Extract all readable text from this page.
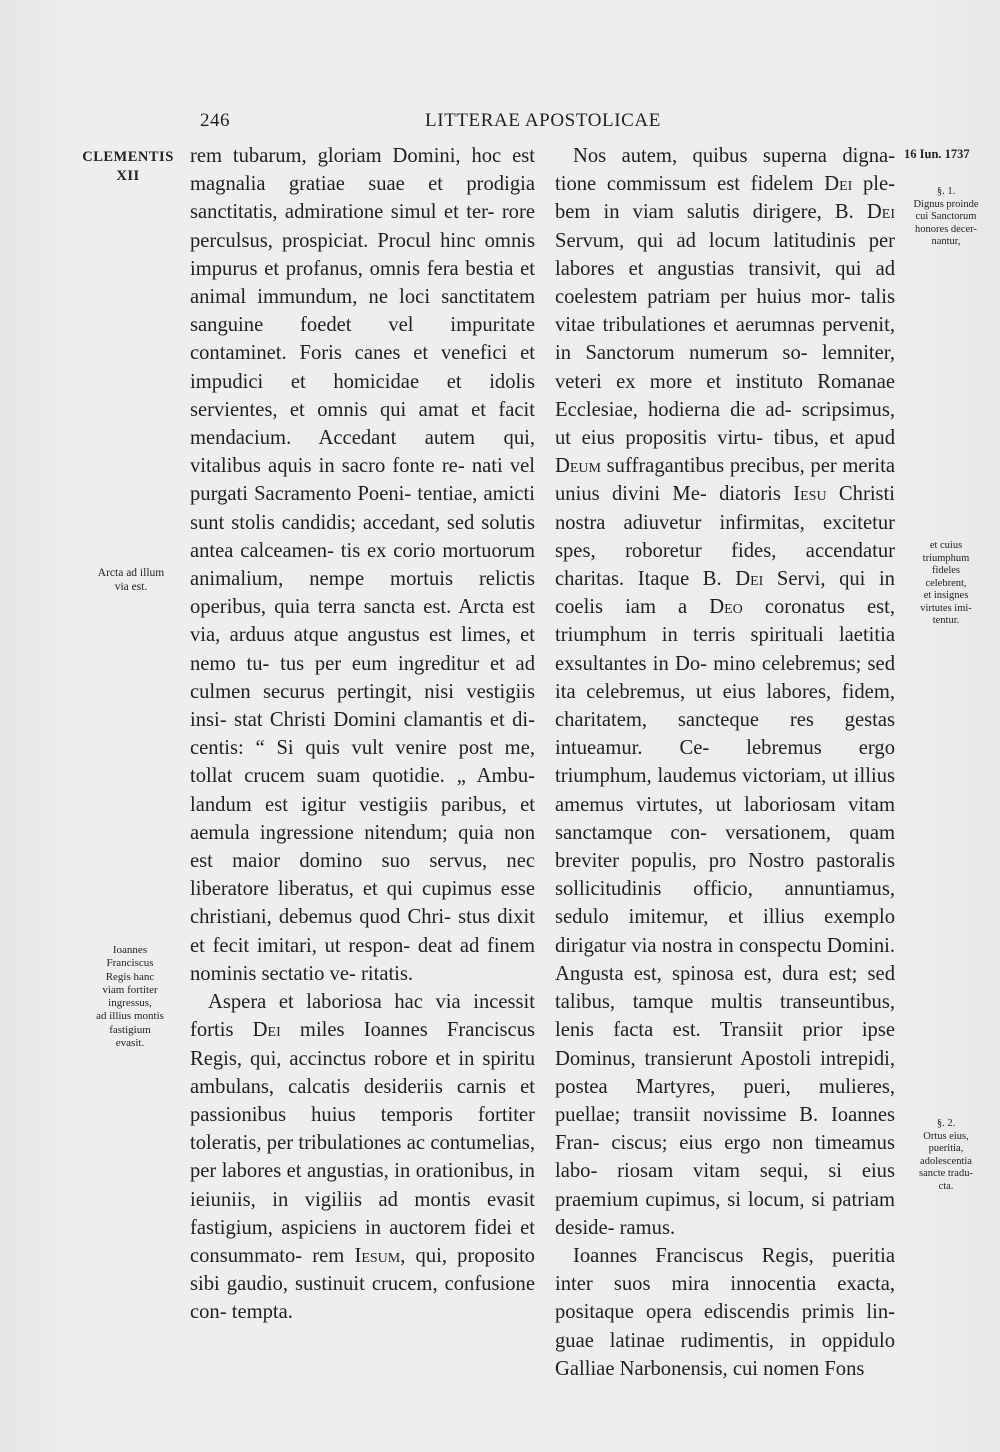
246	LITTERAE APOSTOLICAE
CLEMENTIS
XII
Arcta ad illum
via est.
Ioannes
Franciscus
Regis hanc
viam fortiter
ingressus,
ad illius montis
fastigium
evasit.
16 Iun. 1737
§. 1.
Dignus proinde
cui Sanctorum
honores decer-
nantur,
et cuius
triumphum
fideles
celebrent,
et insignes
virtutes imi-
tentur.
§. 2.
Ortus eius,
pueritia,
adolescentia
sancte tradu-
cta.

rem tubarum, gloriam Domini, hoc est magnalia gratiae suae et prodigia sanctitatis, admiratione simul et ter- rore perculsus, prospiciat. Procul hinc omnis impurus et profanus, omnis fera bestia et animal immundum, ne loci sanctitatem sanguine foedet vel impuritate contaminet. Foris canes et venefici et impudici et homicidae et idolis servientes, et omnis qui amat et facit mendacium. Accedant autem qui, vitalibus aquis in sacro fonte re- nati vel purgati Sacramento Poeni- tentiae, amicti sunt stolis candidis; accedant, sed solutis antea calceamen- tis ex corio mortuorum animalium, nempe mortuis relictis operibus, quia terra sancta est. Arcta est via, arduus atque angustus est limes, et nemo tu- tus per eum ingreditur et ad culmen securus pertingit, nisi vestigiis insi- stat Christi Domini clamantis et di- centis: “ Si quis vult venire post me, tollat crucem suam quotidie. „ Ambu- landum est igitur vestigiis paribus, et aemula ingressione nitendum; quia non est maior domino suo servus, nec liberatore liberatus, et qui cupimus esse christiani, debemus quod Chri- stus dixit et fecit imitari, ut respon- deat ad finem nominis sectatio ve- ritatis.

Aspera et laboriosa hac via incessit fortis Dei miles Ioannes Franciscus Regis, qui, accinctus robore et in spiritu ambulans, calcatis desideriis carnis et passionibus huius temporis fortiter toleratis, per tribulationes ac contumelias, per labores et angustias, in orationibus, in ieiuniis, in vigiliis ad montis evasit fastigium, aspiciens in auctorem fidei et consummato- rem Iesum, qui, proposito sibi gaudio, sustinuit crucem, confusione con- tempta.

Nos autem, quibus superna digna- tione commissum est fidelem Dei ple- bem in viam salutis dirigere, B. Dei Servum, qui ad locum latitudinis per labores et angustias transivit, qui ad coelestem patriam per huius mor- talis vitae tribulationes et aerumnas pervenit, in Sanctorum numerum so- lemniter, veteri ex more et instituto Romanae Ecclesiae, hodierna die ad- scripsimus, ut eius propositis virtu- tibus, et apud Deum suffragantibus precibus, per merita unius divini Me- diatoris Iesu Christi nostra adiuvetur infirmitas, excitetur spes, roboretur fides, accendatur charitas. Itaque B. Dei Servi, qui in coelis iam a Deo coronatus est, triumphum in terris spirituali laetitia exsultantes in Do- mino celebremus; sed ita celebremus, ut eius labores, fidem, charitatem, sancteque res gestas intueamur. Ce- lebremus ergo triumphum, laudemus victoriam, ut illius amemus virtutes, ut laboriosam vitam sanctamque con- versationem, quam breviter populis, pro Nostro pastoralis sollicitudinis officio, annuntiamus, sedulo imitemur, et illius exemplo dirigatur via nostra in conspectu Domini. Angusta est, spinosa est, dura est; sed talibus, tamque multis transeuntibus, lenis facta est. Transiit prior ipse Dominus, transierunt Apostoli intrepidi, postea Martyres, pueri, mulieres, puellae; transiit novissime B. Ioannes Fran- ciscus; eius ergo non timeamus labo- riosam vitam sequi, si eius praemium cupimus, si locum, si patriam deside- ramus.

Ioannes Franciscus Regis, pueritia inter suos mira innocentia exacta, positaque opera ediscendis primis lin- guae latinae rudimentis, in oppidulo Galliae Narbonensis, cui nomen Fons
